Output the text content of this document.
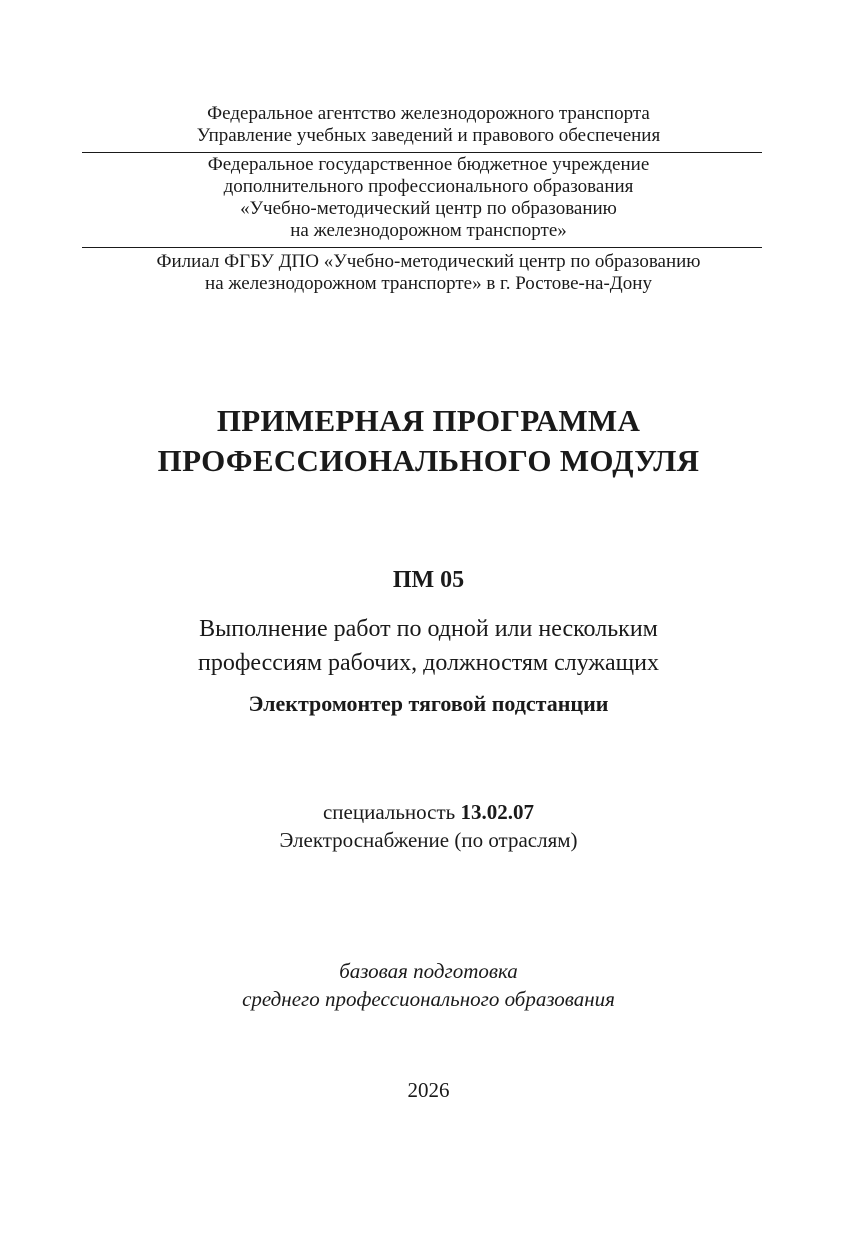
Федеральное агентство железнодорожного транспорта
Управление учебных заведений и правового обеспечения
Федеральное государственное бюджетное учреждение
дополнительного профессионального образования
«Учебно-методический центр по образованию
на железнодорожном транспорте»
Филиал ФГБУ ДПО «Учебно-методический центр по образованию
на железнодорожном транспорте» в г. Ростове-на-Дону
ПРИМЕРНАЯ ПРОГРАММА
ПРОФЕССИОНАЛЬНОГО МОДУЛЯ
ПМ 05
Выполнение работ по одной или нескольким
профессиям рабочих, должностям служащих
Электромонтер тяговой подстанции
специальность 13.02.07
Электроснабжение (по отраслям)
базовая подготовка
среднего профессионального образования
2026
